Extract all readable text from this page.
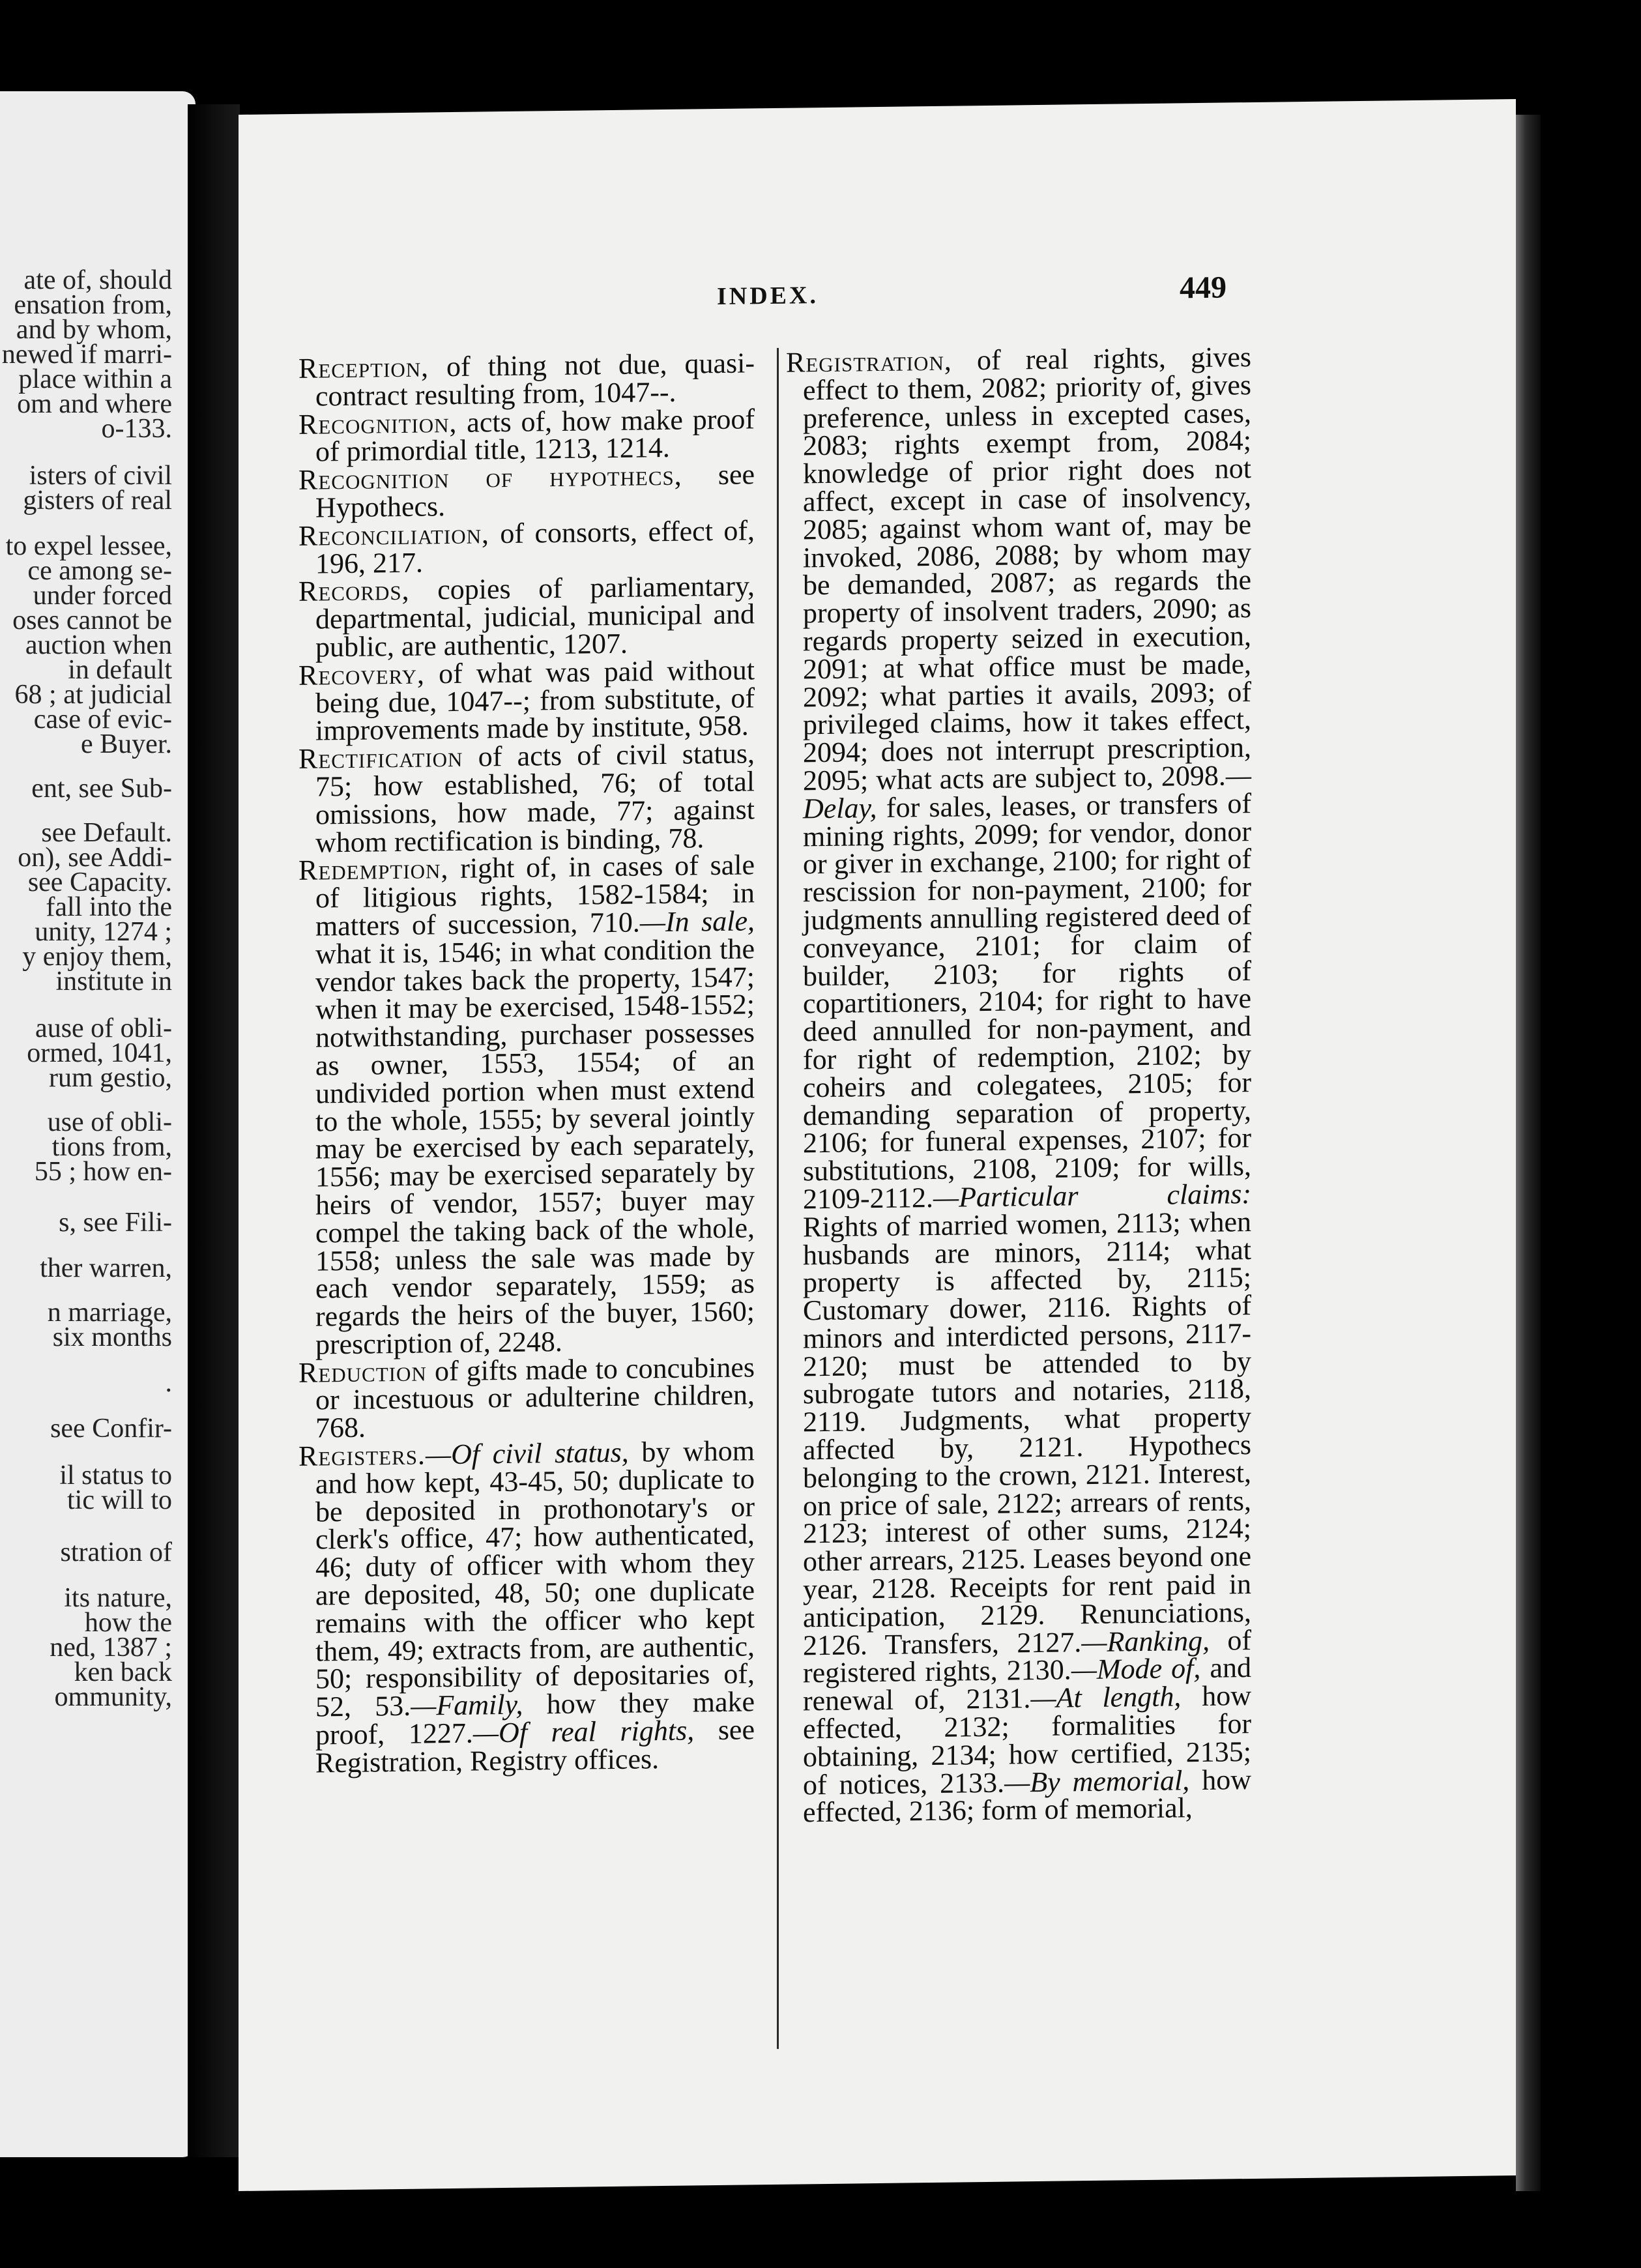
ate of, should
ensation from,
and by whom,
newed if marri-
place within a
om and where
o-133.
isters of civil
gisters of real
to expel lessee,
ce among se-
under forced
oses cannot be
auction when
in default
68 ; at judicial
case of evic-
e Buyer.
ent, see Sub-
see Default.
on), see Addi-
see Capacity.
fall into the
unity, 1274 ;
y enjoy them,
institute in
ause of obli-
ormed, 1041,
rum gestio,
use of obli-
tions from,
55 ; how en-
s, see Fili-
ther warren,
n marriage,
six months
.
see Confir-
il status to
tic will to
stration of
its nature,
how the
ned, 1387 ;
ken back
ommunity,
INDEX.	449

Reception, of thing not due, quasi-contract resulting from, 1047--.

Recognition, acts of, how make proof of primordial title, 1213, 1214.

Recognition of hypothecs, see Hypothecs.

Reconciliation, of consorts, effect of, 196, 217.

Records, copies of parliamentary, departmental, judicial, municipal and public, are authentic, 1207.

Recovery, of what was paid without being due, 1047--; from substitute, of improvements made by institute, 958.

Rectification of acts of civil status, 75; how established, 76; of total omissions, how made, 77; against whom rectification is binding, 78.

Redemption, right of, in cases of sale of litigious rights, 1582-1584; in matters of succession, 710.—In sale, what it is, 1546; in what condition the vendor takes back the property, 1547; when it may be exercised, 1548-1552; notwithstanding, purchaser possesses as owner, 1553, 1554; of an undivided portion when must extend to the whole, 1555; by several jointly may be exercised by each separately, 1556; may be exercised separately by heirs of vendor, 1557; buyer may compel the taking back of the whole, 1558; unless the sale was made by each vendor separately, 1559; as regards the heirs of the buyer, 1560; prescription of, 2248.

Reduction of gifts made to concubines or incestuous or adulterine children, 768.

Registers.—Of civil status, by whom and how kept, 43-45, 50; duplicate to be deposited in prothonotary's or clerk's office, 47; how authenticated, 46; duty of officer with whom they are deposited, 48, 50; one duplicate remains with the officer who kept them, 49; extracts from, are authentic, 50; responsibility of depositaries of, 52, 53.—Family, how they make proof, 1227.—Of real rights, see Registration, Registry offices.

Registration, of real rights, gives effect to them, 2082; priority of, gives preference, unless in excepted cases, 2083; rights exempt from, 2084; knowledge of prior right does not affect, except in case of insolvency, 2085; against whom want of, may be invoked, 2086, 2088; by whom may be demanded, 2087; as regards the property of insolvent traders, 2090; as regards property seized in execution, 2091; at what office must be made, 2092; what parties it avails, 2093; of privileged claims, how it takes effect, 2094; does not interrupt prescription, 2095; what acts are subject to, 2098.—Delay, for sales, leases, or transfers of mining rights, 2099; for vendor, donor or giver in exchange, 2100; for right of rescission for non-payment, 2100; for judgments annulling registered deed of conveyance, 2101; for claim of builder, 2103; for rights of copartitioners, 2104; for right to have deed annulled for non-payment, and for right of redemption, 2102; by coheirs and colegatees, 2105; for demanding separation of property, 2106; for funeral expenses, 2107; for substitutions, 2108, 2109; for wills, 2109-2112.—Particular claims: Rights of married women, 2113; when husbands are minors, 2114; what property is affected by, 2115; Customary dower, 2116. Rights of minors and interdicted persons, 2117-2120; must be attended to by subrogate tutors and notaries, 2118, 2119. Judgments, what property affected by, 2121. Hypothecs belonging to the crown, 2121. Interest, on price of sale, 2122; arrears of rents, 2123; interest of other sums, 2124; other arrears, 2125. Leases beyond one year, 2128. Receipts for rent paid in anticipation, 2129. Renunciations, 2126. Transfers, 2127.—Ranking, of registered rights, 2130.—Mode of, and renewal of, 2131.—At length, how effected, 2132; formalities for obtaining, 2134; how certified, 2135; of notices, 2133.—By memorial, how effected, 2136; form of memorial,
